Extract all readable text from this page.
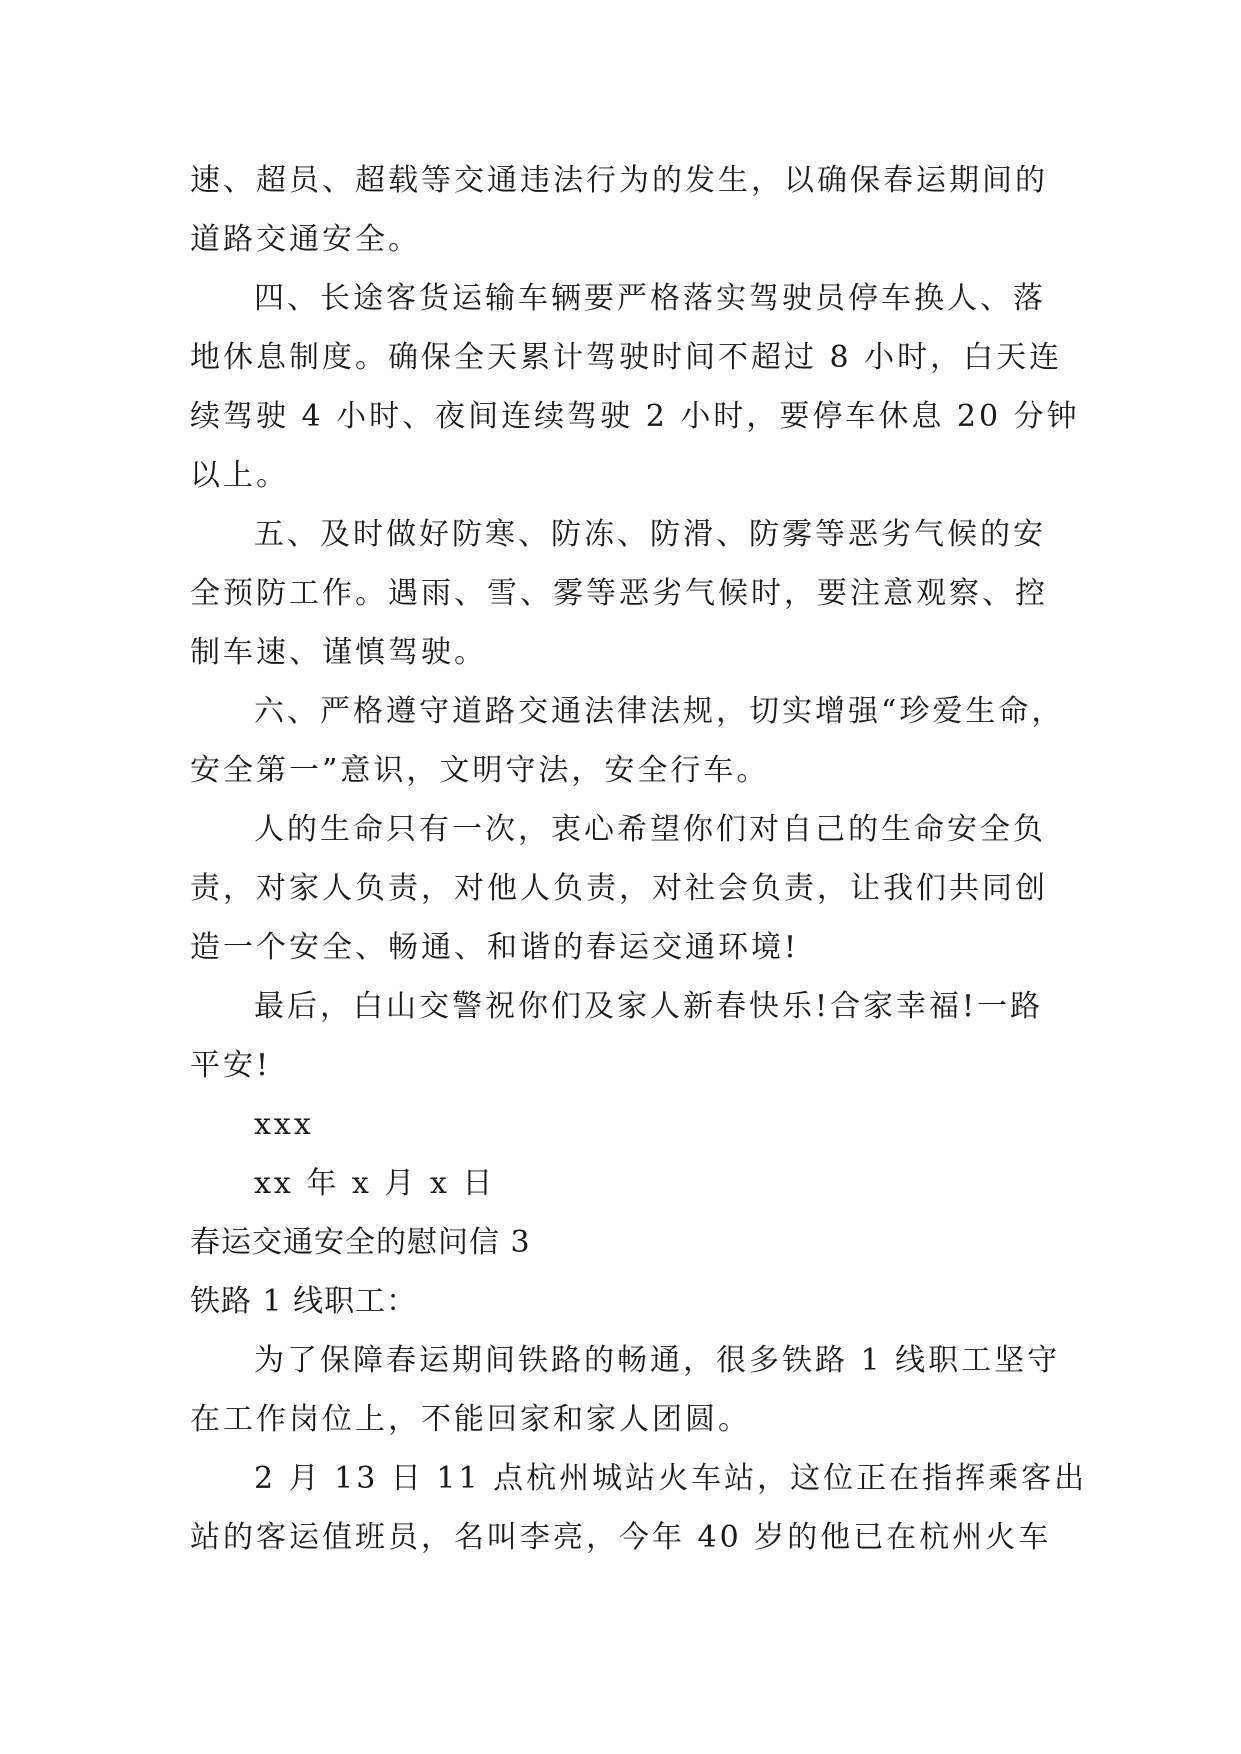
速、超员、超载等交通违法行为的发生，以确保春运期间的
道路交通安全。
四、长途客货运输车辆要严格落实驾驶员停车换人、落
地休息制度。确保全天累计驾驶时间不超过 8 小时，白天连
续驾驶 4 小时、夜间连续驾驶 2 小时，要停车休息 20 分钟
以上。
五、及时做好防寒、防冻、防滑、防雾等恶劣气候的安
全预防工作。遇雨、雪、雾等恶劣气候时，要注意观察、控
制车速、谨慎驾驶。
六、严格遵守道路交通法律法规，切实增强“珍爱生命，
安全第一”意识，文明守法，安全行车。
人的生命只有一次，衷心希望你们对自己的生命安全负
责，对家人负责，对他人负责，对社会负责，让我们共同创
造一个安全、畅通、和谐的春运交通环境!
最后，白山交警祝你们及家人新春快乐!合家幸福!一路
平安!
xxx
xx 年 x 月 x 日
春运交通安全的慰问信 3
铁路 1 线职工：
为了保障春运期间铁路的畅通，很多铁路 1 线职工坚守
在工作岗位上，不能回家和家人团圆。
2 月 13 日 11 点杭州城站火车站，这位正在指挥乘客出
站的客运值班员，名叫李亮，今年 40 岁的他已在杭州火车
